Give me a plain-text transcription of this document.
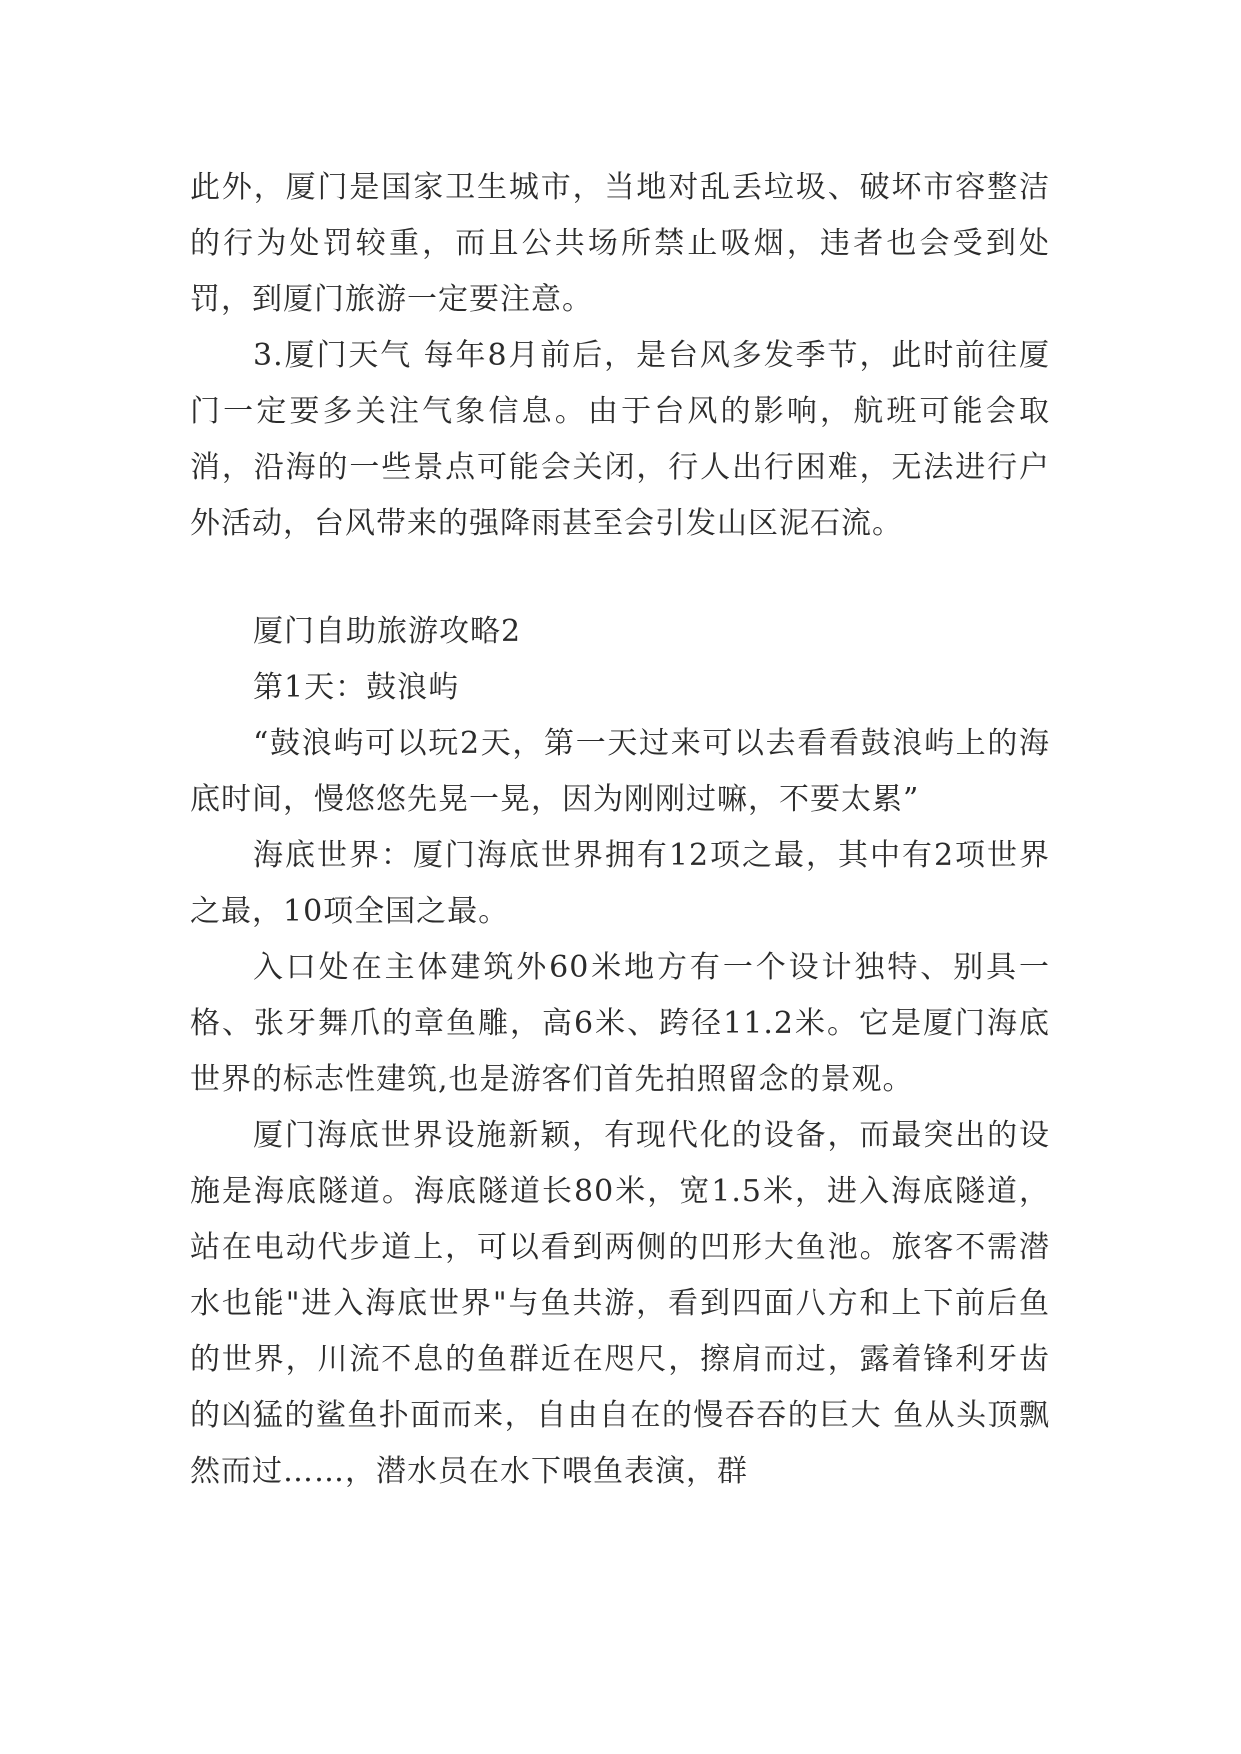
此外，厦门是国家卫生城市，当地对乱丢垃圾、破坏市容整洁的行为处罚较重，而且公共场所禁止吸烟，违者也会受到处罚，到厦门旅游一定要注意。

3.厦门天气 每年8月前后，是台风多发季节，此时前往厦门一定要多关注气象信息。由于台风的影响，航班可能会取消，沿海的一些景点可能会关闭，行人出行困难，无法进行户外活动，台风带来的强降雨甚至会引发山区泥石流。

厦门自助旅游攻略2

第1天：鼓浪屿

“鼓浪屿可以玩2天，第一天过来可以去看看鼓浪屿上的海底时间，慢悠悠先晃一晃，因为刚刚过嘛，不要太累”

海底世界：厦门海底世界拥有12项之最，其中有2项世界之最，10项全国之最。

入口处在主体建筑外60米地方有一个设计独特、别具一格、张牙舞爪的章鱼雕，高6米、跨径11.2米。它是厦门海底世界的标志性建筑,也是游客们首先拍照留念的景观。

厦门海底世界设施新颖，有现代化的设备，而最突出的设施是海底隧道。海底隧道长80米，宽1.5米，进入海底隧道，站在电动代步道上，可以看到两侧的凹形大鱼池。旅客不需潜水也能"进入海底世界"与鱼共游，看到四面八方和上下前后鱼的世界，川流不息的鱼群近在咫尺，擦肩而过，露着锋利牙齿的凶猛的鲨鱼扑面而来，自由自在的慢吞吞的巨大 鱼从头顶飘然而过……，潜水员在水下喂鱼表演，群
